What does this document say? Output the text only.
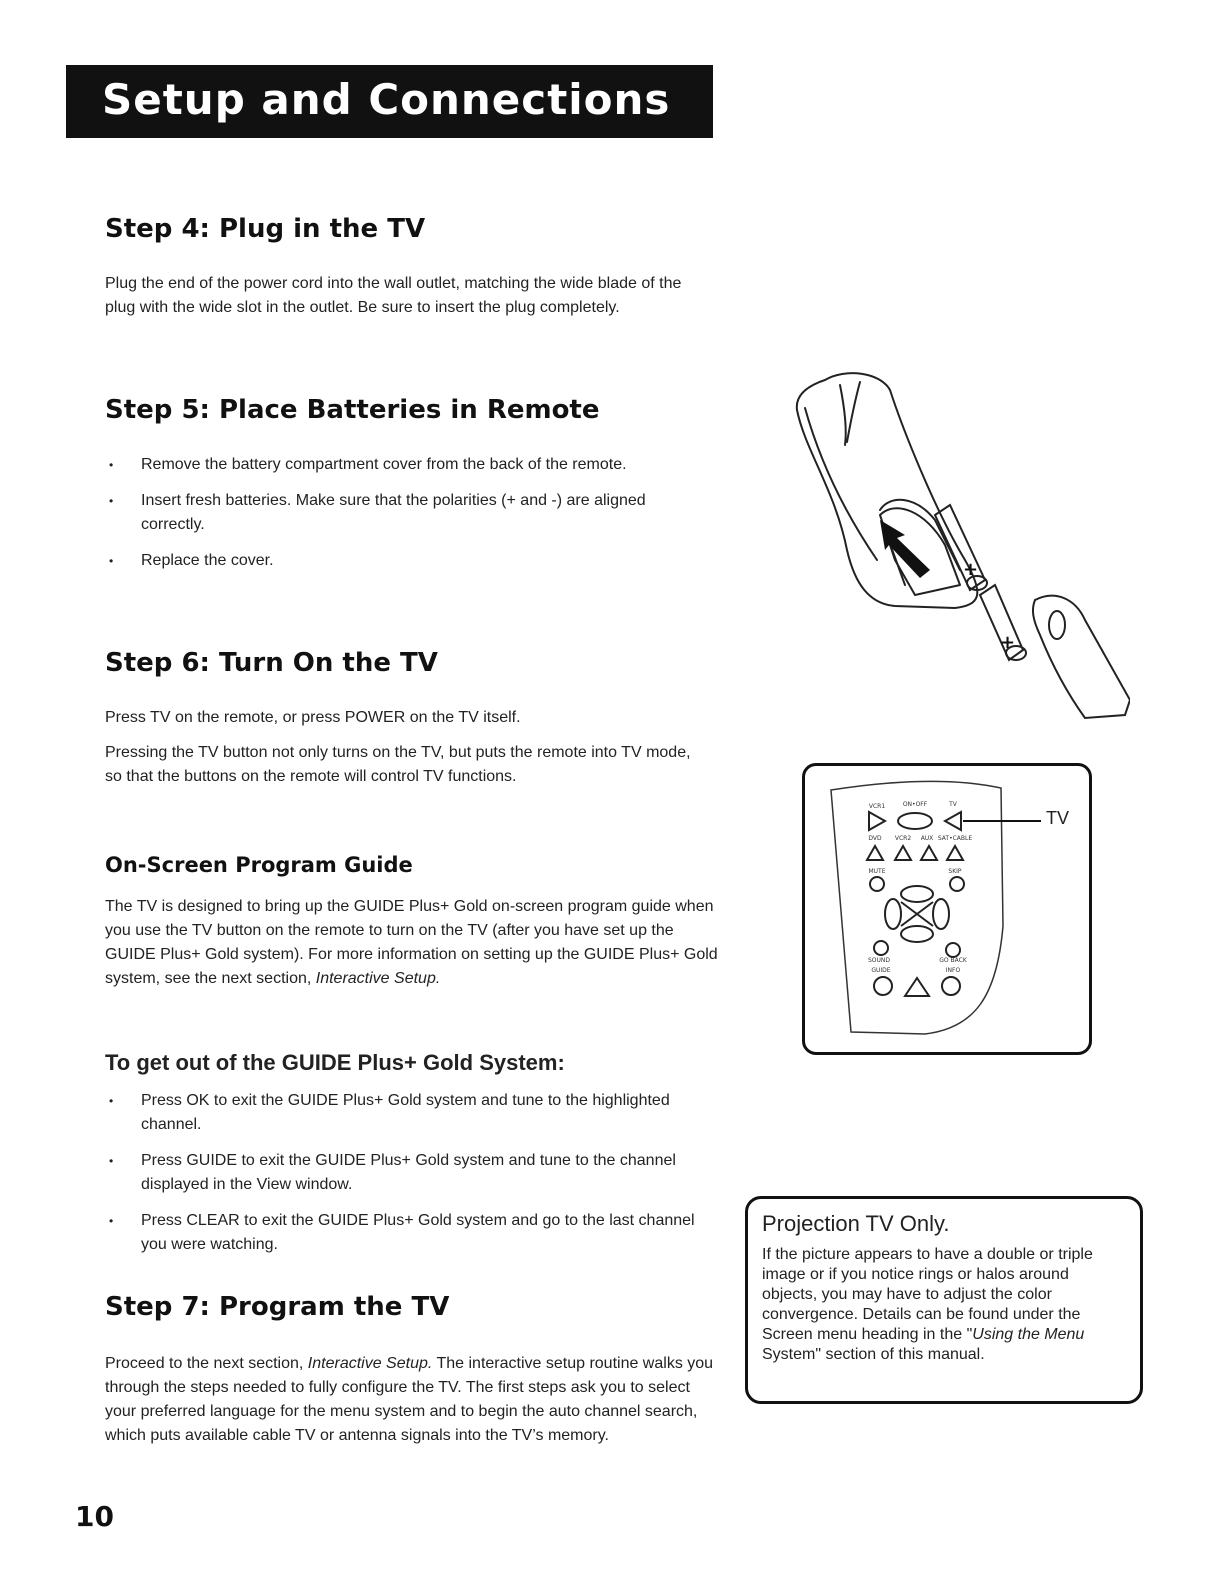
Setup and Connections
Step 4: Plug in the TV

Plug the end of the power cord into the wall outlet, matching the wide blade of the plug with the wide slot in the outlet. Be sure to insert the plug completely.

Step 5: Place Batteries in Remote
• Remove the battery compartment cover from the back of the remote.
• Insert fresh batteries. Make sure that the polarities (+ and -) are aligned correctly.
• Replace the cover.
Step 6: Turn On the TV

Press TV on the remote, or press POWER on the TV itself.

Pressing the TV button not only turns on the TV, but puts the remote into TV mode, so that the buttons on the remote will control TV functions.

On-Screen Program Guide

The TV is designed to bring up the GUIDE Plus+ Gold on-screen program guide when you use the TV button on the remote to turn on the TV (after you have set up the GUIDE Plus+ Gold system). For more information on setting up the GUIDE Plus+ Gold system, see the next section, Interactive Setup.

To get out of the GUIDE Plus+ Gold System:
• Press OK to exit the GUIDE Plus+ Gold system and tune to the highlighted channel.
• Press GUIDE to exit the GUIDE Plus+ Gold system and tune to the channel displayed in the View window.
• Press CLEAR to exit the GUIDE Plus+ Gold system and go to the last channel you were watching.
Step 7: Program the TV

Proceed to the next section, Interactive Setup. The interactive setup routine walks you through the steps needed to fully configure the TV. The first steps ask you to select your preferred language for the menu system and to begin the auto channel search, which puts available cable TV or antenna signals into the TV’s memory.

+
+
VCR1	ON•OFF	TV
DVD VCR2 AUX SAT•CABLE
MUTE	SKIP
SOUND	GO BACK
GUIDE	INFO
TV

Projection TV Only.

If the picture appears to have a double or triple image or if you notice rings or halos around objects, you may have to adjust the color convergence. Details can be found under the Screen menu heading in the "Using the Menu System" section of this manual.

10
